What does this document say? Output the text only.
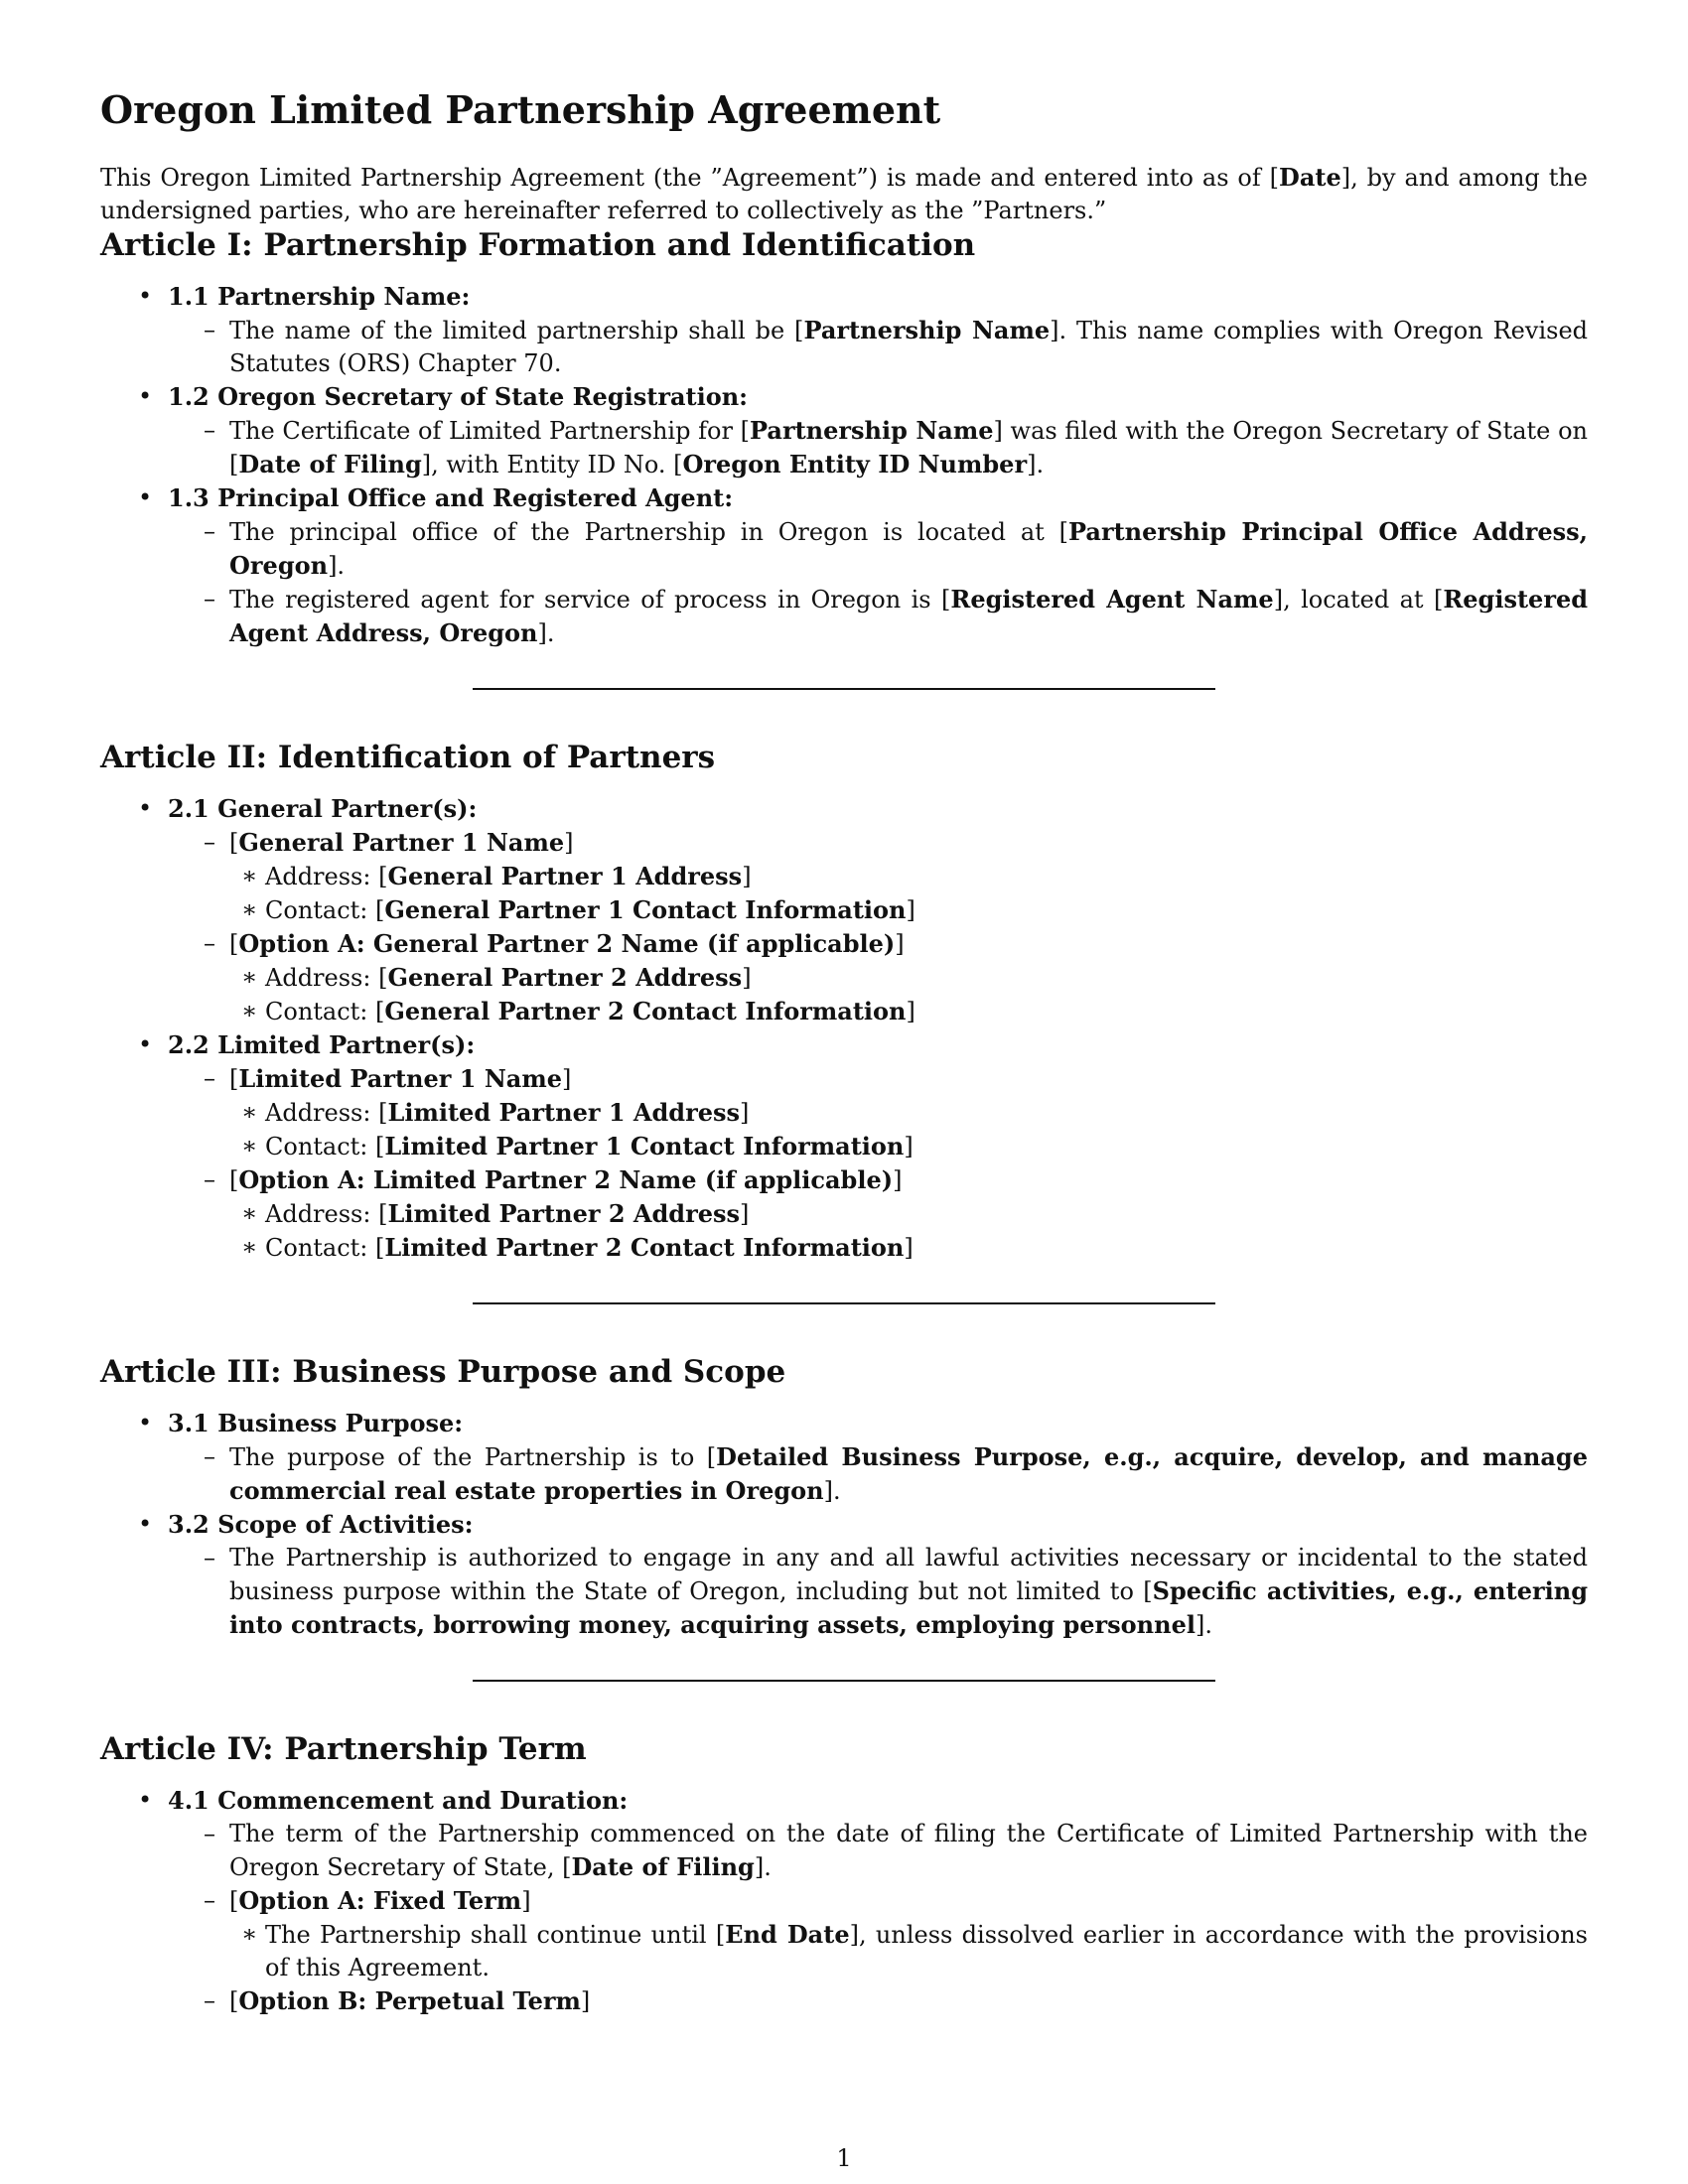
Oregon Limited Partnership Agreement

This Oregon Limited Partnership Agreement (the ”Agreement”) is made and entered into as of [Date], by and among the undersigned parties, who are hereinafter referred to collectively as the ”Partners.”

Article I: Partnership Formation and Identification
• 1.1 Partnership Name:
– The name of the limited partnership shall be [Partnership Name]. This name complies with Oregon Revised Statutes (ORS) Chapter 70.
• 1.2 Oregon Secretary of State Registration:
– The Certificate of Limited Partnership for [Partnership Name] was filed with the Oregon Secretary of State on [Date of Filing], with Entity ID No. [Oregon Entity ID Number].
• 1.3 Principal Office and Registered Agent:
– The principal office of the Partnership in Oregon is located at [Partnership Principal Office Address, Oregon].
– The registered agent for service of process in Oregon is [Registered Agent Name], located at [Registered Agent Address, Oregon].
Article II: Identification of Partners
• 2.1 General Partner(s):
– [General Partner 1 Name]
∗ Address: [General Partner 1 Address]
∗ Contact: [General Partner 1 Contact Information]
– [Option A: General Partner 2 Name (if applicable)]
∗ Address: [General Partner 2 Address]
∗ Contact: [General Partner 2 Contact Information]
• 2.2 Limited Partner(s):
– [Limited Partner 1 Name]
∗ Address: [Limited Partner 1 Address]
∗ Contact: [Limited Partner 1 Contact Information]
– [Option A: Limited Partner 2 Name (if applicable)]
∗ Address: [Limited Partner 2 Address]
∗ Contact: [Limited Partner 2 Contact Information]
Article III: Business Purpose and Scope
• 3.1 Business Purpose:
– The purpose of the Partnership is to [Detailed Business Purpose, e.g., acquire, develop, and manage commercial real estate properties in Oregon].
• 3.2 Scope of Activities:
– The Partnership is authorized to engage in any and all lawful activities necessary or incidental to the stated business purpose within the State of Oregon, including but not limited to [Specific activities, e.g., entering into contracts, borrowing money, acquiring assets, employing personnel].
Article IV: Partnership Term
• 4.1 Commencement and Duration:
– The term of the Partnership commenced on the date of filing the Certificate of Limited Partnership with the Oregon Secretary of State, [Date of Filing].
– [Option A: Fixed Term]
∗ The Partnership shall continue until [End Date], unless dissolved earlier in accordance with the provisions of this Agreement.
– [Option B: Perpetual Term]
1
